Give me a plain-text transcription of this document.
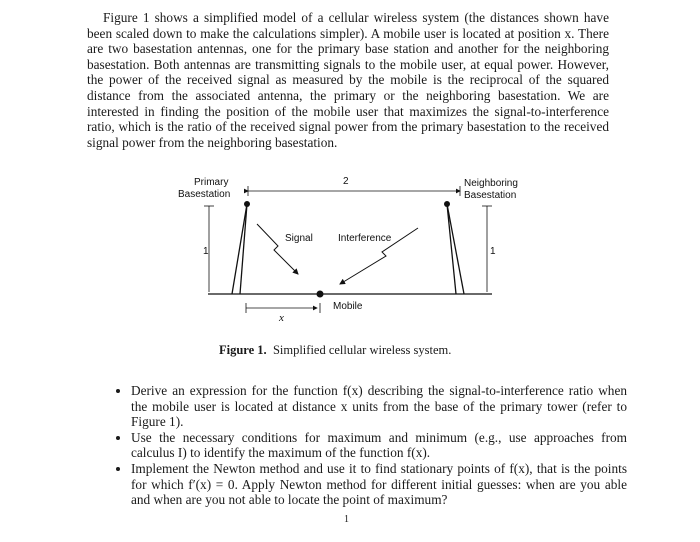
Figure 1 shows a simplified model of a cellular wireless system (the distances shown have been scaled down to make the calculations simpler). A mobile user is located at position x. There are two basestation antennas, one for the primary base station and another for the neighboring basestation. Both antennas are transmitting signals to the mobile user, at equal power. However, the power of the received signal as measured by the mobile is the reciprocal of the squared distance from the associated antenna, the primary or the neighboring basestation. We are interested in finding the position of the mobile user that maximizes the signal-to-interference ratio, which is the ratio of the received signal power from the primary basestation to the received signal power from the neighboring basestation.

Primary
Basestation
Neighboring
Basestation
2
1	1
Signal	Interference
Mobile
x
Figure 1. Simplified cellular wireless system.
• Derive an expression for the function f(x) describing the signal-to-interference ratio when the mobile user is located at distance x units from the base of the primary tower (refer to Figure 1).
• Use the necessary conditions for maximum and minimum (e.g., use approaches from calculus I) to identify the maximum of the function f(x).
• Implement the Newton method and use it to find stationary points of f(x), that is the points for which f′(x) = 0. Apply Newton method for different initial guesses: when are you able and when are you not able to locate the point of maximum?
1
